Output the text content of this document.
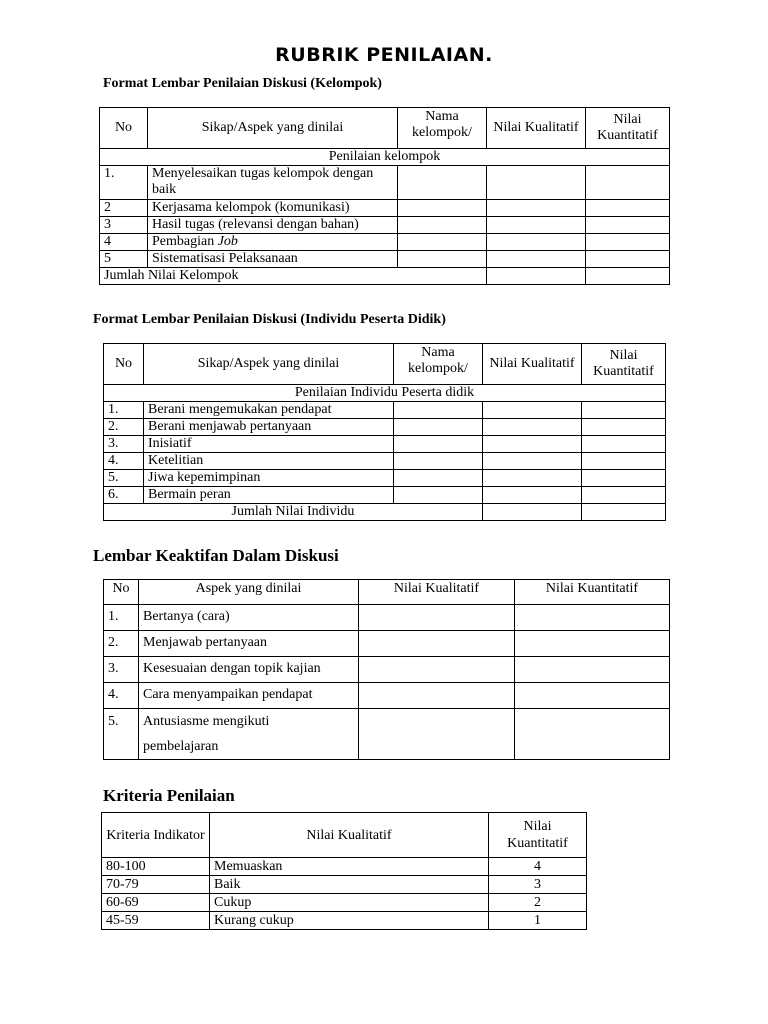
RUBRIK PENILAIAN.
Format Lembar Penilaian Diskusi (Kelompok)
No	Sikap/Aspek yang dinilai	Nama kelompok/	Nilai Kualitatif	Nilai Kuantitatif
Penilaian kelompok				
1.	Menyelesaikan tugas kelompok dengan baik			
2	Kerjasama kelompok (komunikasi)			
3	Hasil tugas (relevansi dengan bahan)			
4	Pembagian Job			
5	Sistematisasi Pelaksanaan			
Jumlah Nilai Kelompok				
Format Lembar Penilaian Diskusi (Individu Peserta Didik)
No	Sikap/Aspek yang dinilai	Nama kelompok/	Nilai Kualitatif	Nilai Kuantitatif
Penilaian Individu Peserta didik				
1.	Berani mengemukakan pendapat			
2.	Berani menjawab pertanyaan			
3.	Inisiatif			
4.	Ketelitian			
5.	Jiwa kepemimpinan			
6.	Bermain peran			
Jumlah Nilai Individu				
Lembar Keaktifan Dalam Diskusi
No	Aspek yang dinilai	Nilai Kualitatif	Nilai Kuantitatif
1.	Bertanya (cara)		
2.	Menjawab pertanyaan		
3.	Kesesuaian dengan topik kajian		
4.	Cara menyampaikan pendapat		
5.	Antusiasme mengikuti pembelajaran		
Kriteria Penilaian
Kriteria Indikator	Nilai Kualitatif	Nilai Kuantitatif
80-100	Memuaskan	4
70-79	Baik	3
60-69	Cukup	2
45-59	Kurang cukup	1
